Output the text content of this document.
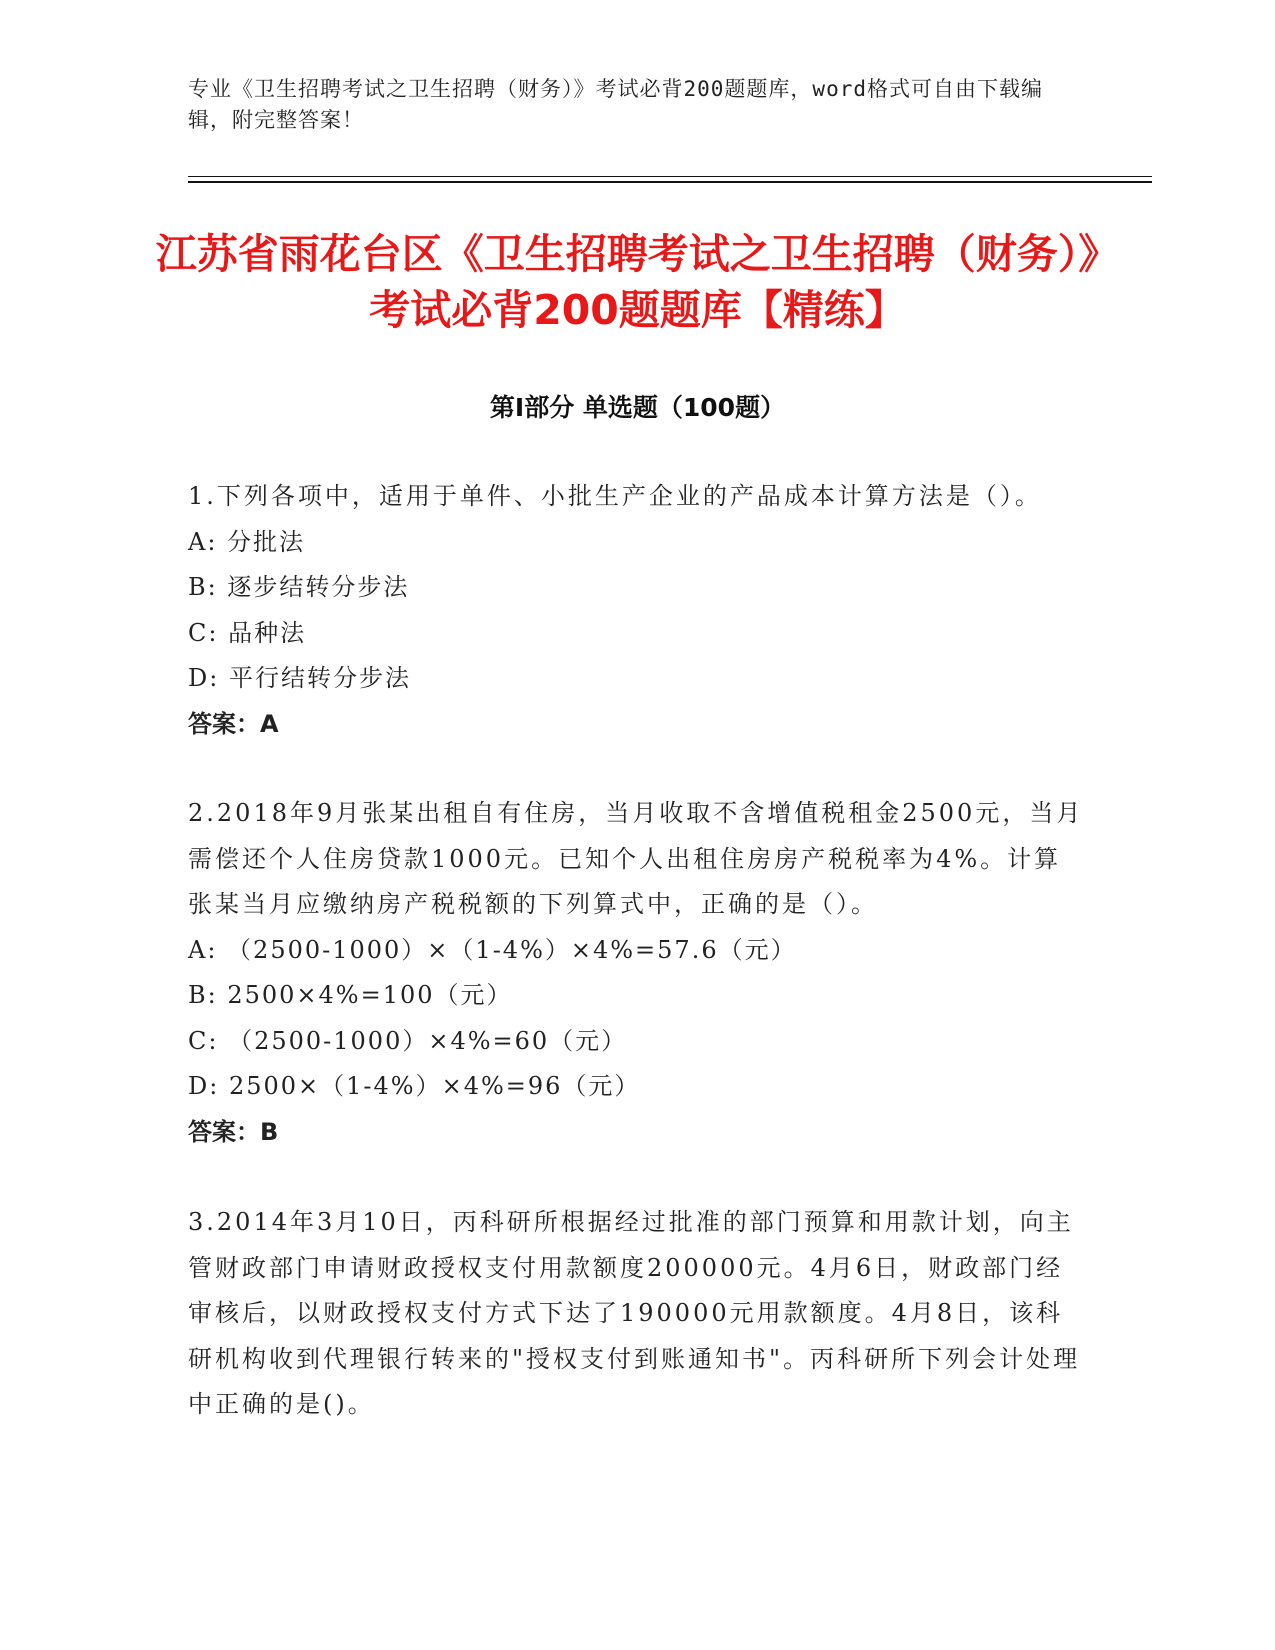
专业《卫生招聘考试之卫生招聘（财务）》考试必背200题题库，word格式可自由下载编辑，附完整答案！
江苏省雨花台区《卫生招聘考试之卫生招聘（财务）》考试必背200题题库【精练】
第I部分 单选题（100题）
1.下列各项中，适用于单件、小批生产企业的产品成本计算方法是（）。
A: 分批法
B: 逐步结转分步法
C: 品种法
D: 平行结转分步法
答案：A
2.2018年9月张某出租自有住房，当月收取不含增值税租金2500元，当月需偿还个人住房贷款1000元。已知个人出租住房房产税税率为4%。计算张某当月应缴纳房产税税额的下列算式中，正确的是（）。
A: （2500-1000）×（1-4%）×4%=57.6（元）
B: 2500×4%=100（元）
C: （2500-1000）×4%=60（元）
D: 2500×（1-4%）×4%=96（元）
答案：B
3.2014年3月10日，丙科研所根据经过批准的部门预算和用款计划，向主管财政部门申请财政授权支付用款额度200000元。4月6日，财政部门经审核后，以财政授权支付方式下达了190000元用款额度。4月8日，该科研机构收到代理银行转来的"授权支付到账通知书"。丙科研所下列会计处理中正确的是()。
